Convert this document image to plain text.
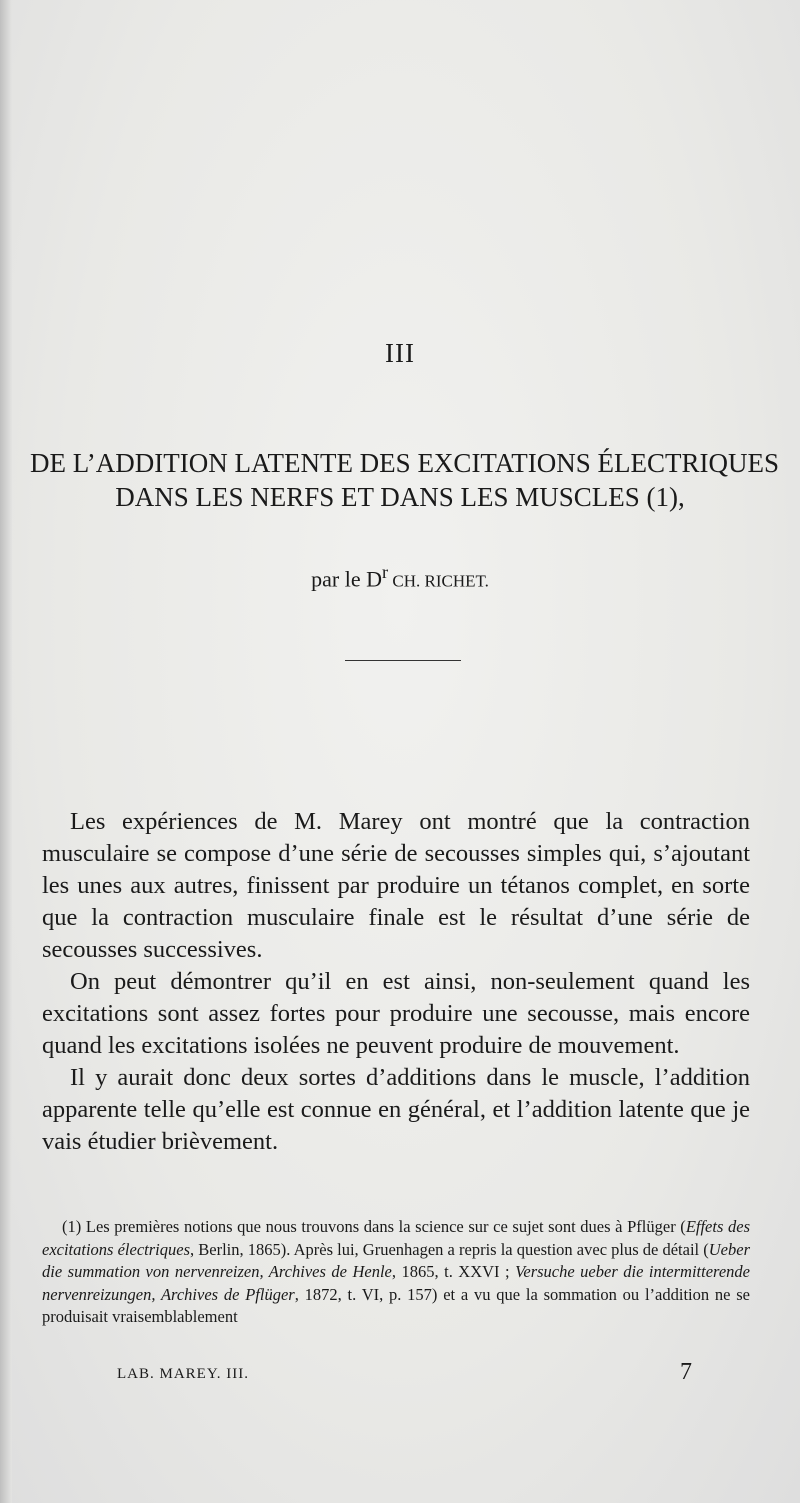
III
DE L’ADDITION LATENTE DES EXCITATIONS ÉLECTRIQUES
DANS LES NERFS ET DANS LES MUSCLES (1),
par le $D^r$ CH. RICHET.

Les expériences de M. Marey ont montré que la contraction musculaire se compose d’une série de secousses simples qui, s’ajoutant les unes aux autres, finissent par produire un tétanos complet, en sorte que la contraction musculaire finale est le résultat d’une série de secousses successives.

On peut démontrer qu’il en est ainsi, non-seulement quand les excitations sont assez fortes pour produire une secousse, mais encore quand les excitations isolées ne peuvent produire de mouvement.

Il y aurait donc deux sortes d’additions dans le muscle, l’addition apparente telle qu’elle est connue en général, et l’addition latente que je vais étudier brièvement.

(1) Les premières notions que nous trouvons dans la science sur ce sujet sont dues à Pflüger (Effets des excitations électriques, Berlin, 1865). Après lui, Gruenhagen a repris la question avec plus de détail (Ueber die summation von nervenreizen, Archives de Henle, 1865, t. XXVI ; Versuche ueber die intermitterende nervenreizungen, Archives de Pflüger, 1872, t. VI, p. 157) et a vu que la sommation ou l’addition ne se produisait vraisemblablement

LAB. MAREY. III.	7
